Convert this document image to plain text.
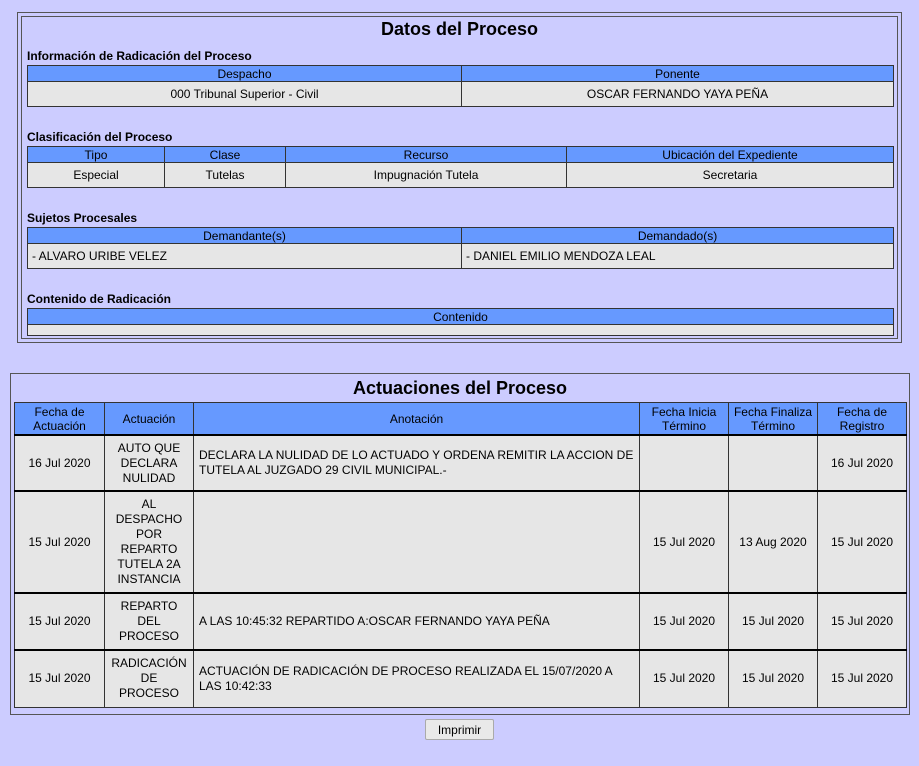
Datos del Proceso
Información de Radicación del Proceso
Despacho	Ponente
000 Tribunal Superior - Civil	OSCAR FERNANDO YAYA PEÑA
Clasificación del Proceso
Tipo	Clase	Recurso	Ubicación del Expediente
Especial	Tutelas	Impugnación Tutela	Secretaria
Sujetos Procesales
Demandante(s)	Demandado(s)
- ALVARO URIBE VELEZ	- DANIEL EMILIO MENDOZA LEAL
Contenido de Radicación
Contenido

Actuaciones del Proceso
Fecha de Actuación	Actuación	Anotación	Fecha Inicia Término	Fecha Finaliza Término	Fecha de Registro
16 Jul 2020	AUTO QUE DECLARA NULIDAD	DECLARA LA NULIDAD DE LO ACTUADO Y ORDENA REMITIR LA ACCION DE TUTELA AL JUZGADO 29 CIVIL MUNICIPAL.-			16 Jul 2020
15 Jul 2020	AL DESPACHO POR REPARTO TUTELA 2A INSTANCIA		15 Jul 2020	13 Aug 2020	15 Jul 2020
15 Jul 2020	REPARTO DEL PROCESO	A LAS 10:45:32 REPARTIDO A:OSCAR FERNANDO YAYA PEÑA	15 Jul 2020	15 Jul 2020	15 Jul 2020
15 Jul 2020	RADICACIÓN DE PROCESO	ACTUACIÓN DE RADICACIÓN DE PROCESO REALIZADA EL 15/07/2020 A LAS 10:42:33	15 Jul 2020	15 Jul 2020	15 Jul 2020
Imprimir
